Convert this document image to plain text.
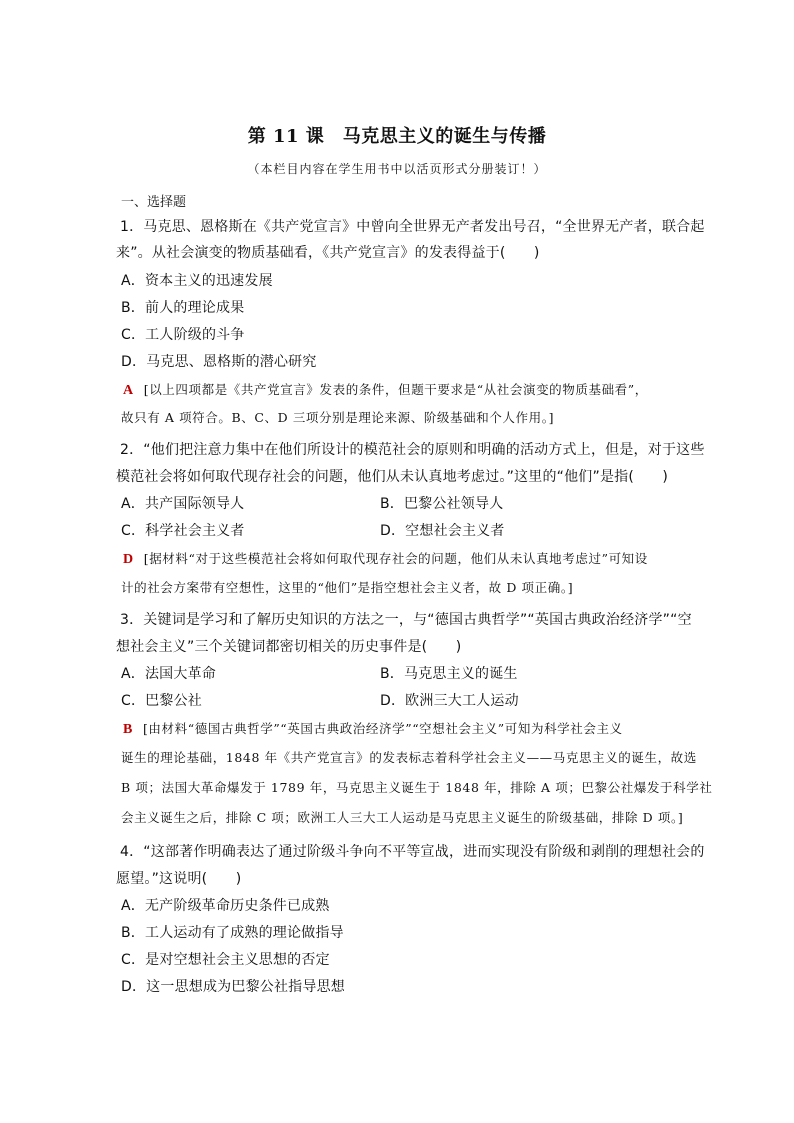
第 11 课　马克思主义的诞生与传播
（本栏目内容在学生用书中以活页形式分册装订！）
一、选择题
1．马克思、恩格斯在《共产党宣言》中曾向全世界无产者发出号召，“全世界无产者，联合起
来”。从社会演变的物质基础看，《共产党宣言》的发表得益于(　　)
A．资本主义的迅速发展
B．前人的理论成果
C．工人阶级的斗争
D．马克思、恩格斯的潜心研究
A [以上四项都是《共产党宣言》发表的条件，但题干要求是“从社会演变的物质基础看”，
故只有 A 项符合。B、C、D 三项分别是理论来源、阶级基础和个人作用。]
2．“他们把注意力集中在他们所设计的模范社会的原则和明确的活动方式上，但是，对于这些
模范社会将如何取代现存社会的问题，他们从未认真地考虑过。”这里的“他们”是指(　　)
A．共产国际领导人	B．巴黎公社领导人
C．科学社会主义者	D．空想社会主义者
D [据材料“对于这些模范社会将如何取代现存社会的问题，他们从未认真地考虑过”可知设
计的社会方案带有空想性，这里的“他们”是指空想社会主义者，故 D 项正确。]
3．关键词是学习和了解历史知识的方法之一，与“德国古典哲学”“英国古典政治经济学”“空
想社会主义”三个关键词都密切相关的历史事件是(　　)
A．法国大革命	B．马克思主义的诞生
C．巴黎公社	D．欧洲三大工人运动
B [由材料“德国古典哲学”“英国古典政治经济学”“空想社会主义”可知为科学社会主义
诞生的理论基础，1848 年《共产党宣言》的发表标志着科学社会主义——马克思主义的诞生，故选
B 项；法国大革命爆发于 1789 年，马克思主义诞生于 1848 年，排除 A 项；巴黎公社爆发于科学社
会主义诞生之后，排除 C 项；欧洲工人三大工人运动是马克思主义诞生的阶级基础，排除 D 项。]
4．“这部著作明确表达了通过阶级斗争向不平等宣战，进而实现没有阶级和剥削的理想社会的
愿望。”这说明(　　)
A．无产阶级革命历史条件已成熟
B．工人运动有了成熟的理论做指导
C．是对空想社会主义思想的否定
D．这一思想成为巴黎公社指导思想
